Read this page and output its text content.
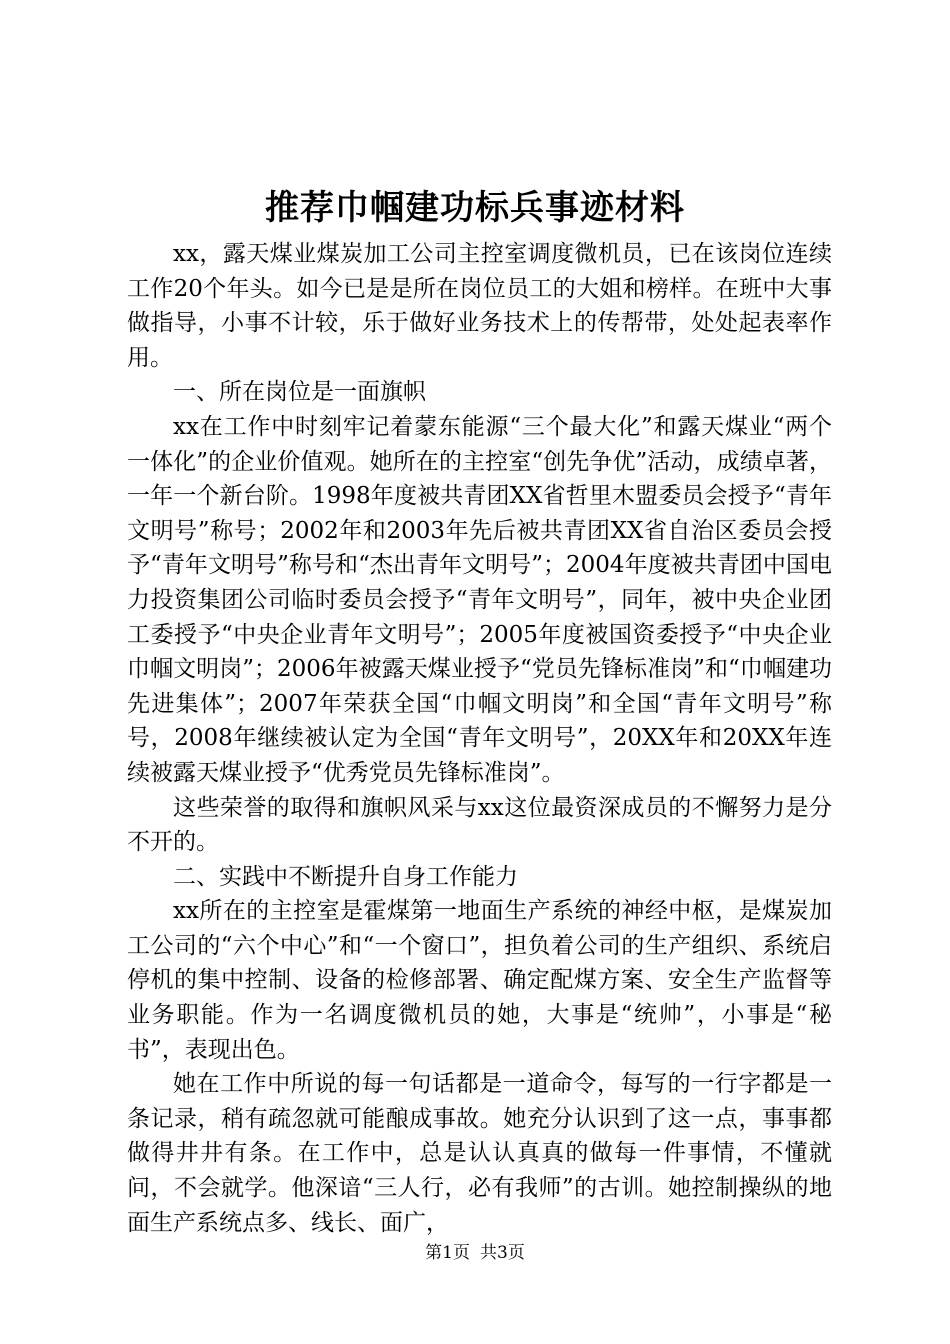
推荐巾帼建功标兵事迹材料

xx，露天煤业煤炭加工公司主控室调度微机员，已在该岗位连续工作20个年头。如今已是是所在岗位员工的大姐和榜样。在班中大事做指导，小事不计较，乐于做好业务技术上的传帮带，处处起表率作用。

一、所在岗位是一面旗帜

xx在工作中时刻牢记着蒙东能源“三个最大化”和露天煤业“两个一体化”的企业价值观。她所在的主控室“创先争优”活动，成绩卓著，一年一个新台阶。1998年度被共青团XX省哲里木盟委员会授予“青年文明号”称号；2002年和2003年先后被共青团XX省自治区委员会授予“青年文明号”称号和“杰出青年文明号”；2004年度被共青团中国电力投资集团公司临时委员会授予“青年文明号”，同年，被中央企业团工委授予“中央企业青年文明号”；2005年度被国资委授予“中央企业巾帼文明岗”；2006年被露天煤业授予“党员先锋标准岗”和“巾帼建功先进集体”；2007年荣获全国“巾帼文明岗”和全国“青年文明号”称号，2008年继续被认定为全国“青年文明号”，20XX年和20XX年连续被露天煤业授予“优秀党员先锋标准岗”。

这些荣誉的取得和旗帜风采与xx这位最资深成员的不懈努力是分不开的。

二、实践中不断提升自身工作能力

xx所在的主控室是霍煤第一地面生产系统的神经中枢，是煤炭加工公司的“六个中心”和“一个窗口”，担负着公司的生产组织、系统启停机的集中控制、设备的检修部署、确定配煤方案、安全生产监督等业务职能。作为一名调度微机员的她，大事是“统帅”，小事是“秘书”，表现出色。

她在工作中所说的每一句话都是一道命令，每写的一行字都是一条记录，稍有疏忽就可能酿成事故。她充分认识到了这一点，事事都做得井井有条。在工作中，总是认认真真的做每一件事情，不懂就问，不会就学。他深谙“三人行，必有我师”的古训。她控制操纵的地面生产系统点多、线长、面广，

第1页 共3页
